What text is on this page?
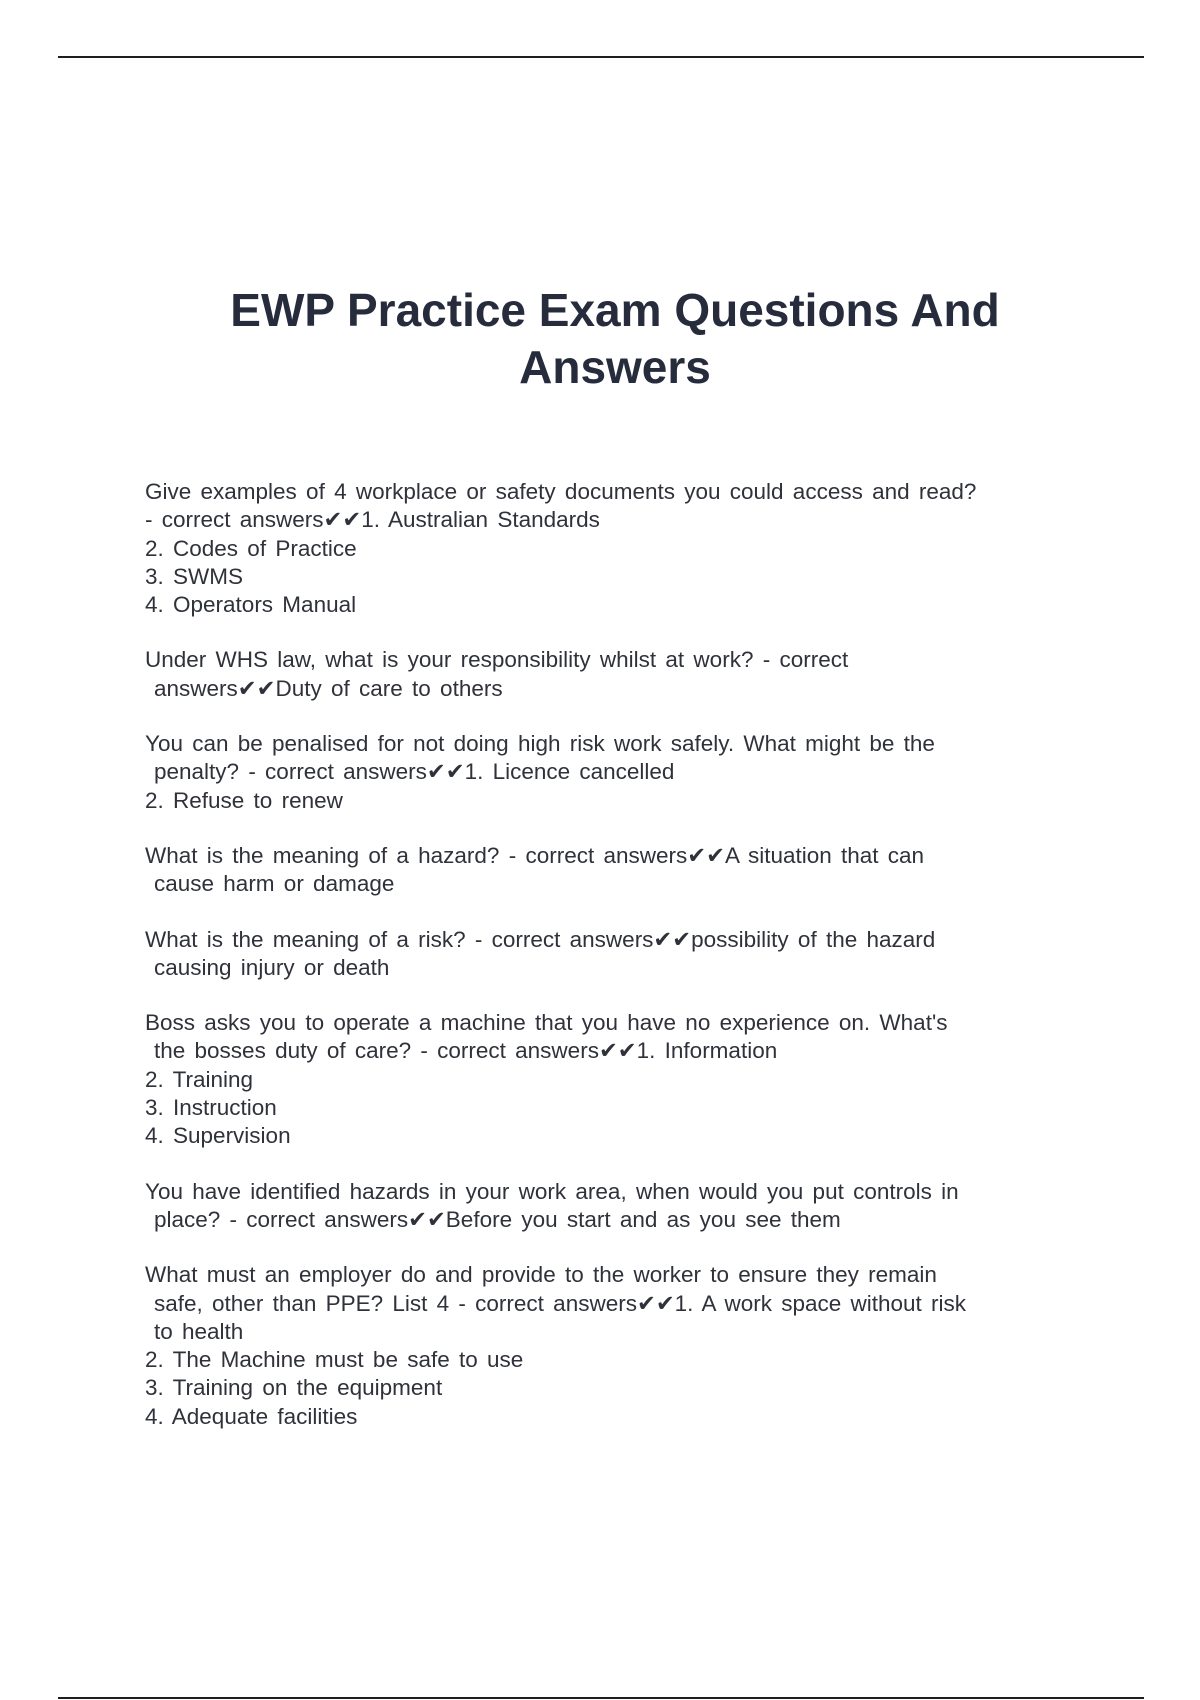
EWP Practice Exam Questions And Answers

Give examples of 4 workplace or safety documents you could access and read?

- correct answers✔✔1. Australian Standards

2. Codes of Practice

3. SWMS

4. Operators Manual

Under WHS law, what is your responsibility whilst at work? - correct

answers✔✔Duty of care to others

You can be penalised for not doing high risk work safely. What might be the

penalty? - correct answers✔✔1. Licence cancelled

2. Refuse to renew

What is the meaning of a hazard? - correct answers✔✔A situation that can

cause harm or damage

What is the meaning of a risk? - correct answers✔✔possibility of the hazard

causing injury or death

Boss asks you to operate a machine that you have no experience on. What's

the bosses duty of care? - correct answers✔✔1. Information

2. Training

3. Instruction

4. Supervision

You have identified hazards in your work area, when would you put controls in

place? - correct answers✔✔Before you start and as you see them

What must an employer do and provide to the worker to ensure they remain

safe, other than PPE? List 4 - correct answers✔✔1. A work space without risk

to health

2. The Machine must be safe to use

3. Training on the equipment

4. Adequate facilities
